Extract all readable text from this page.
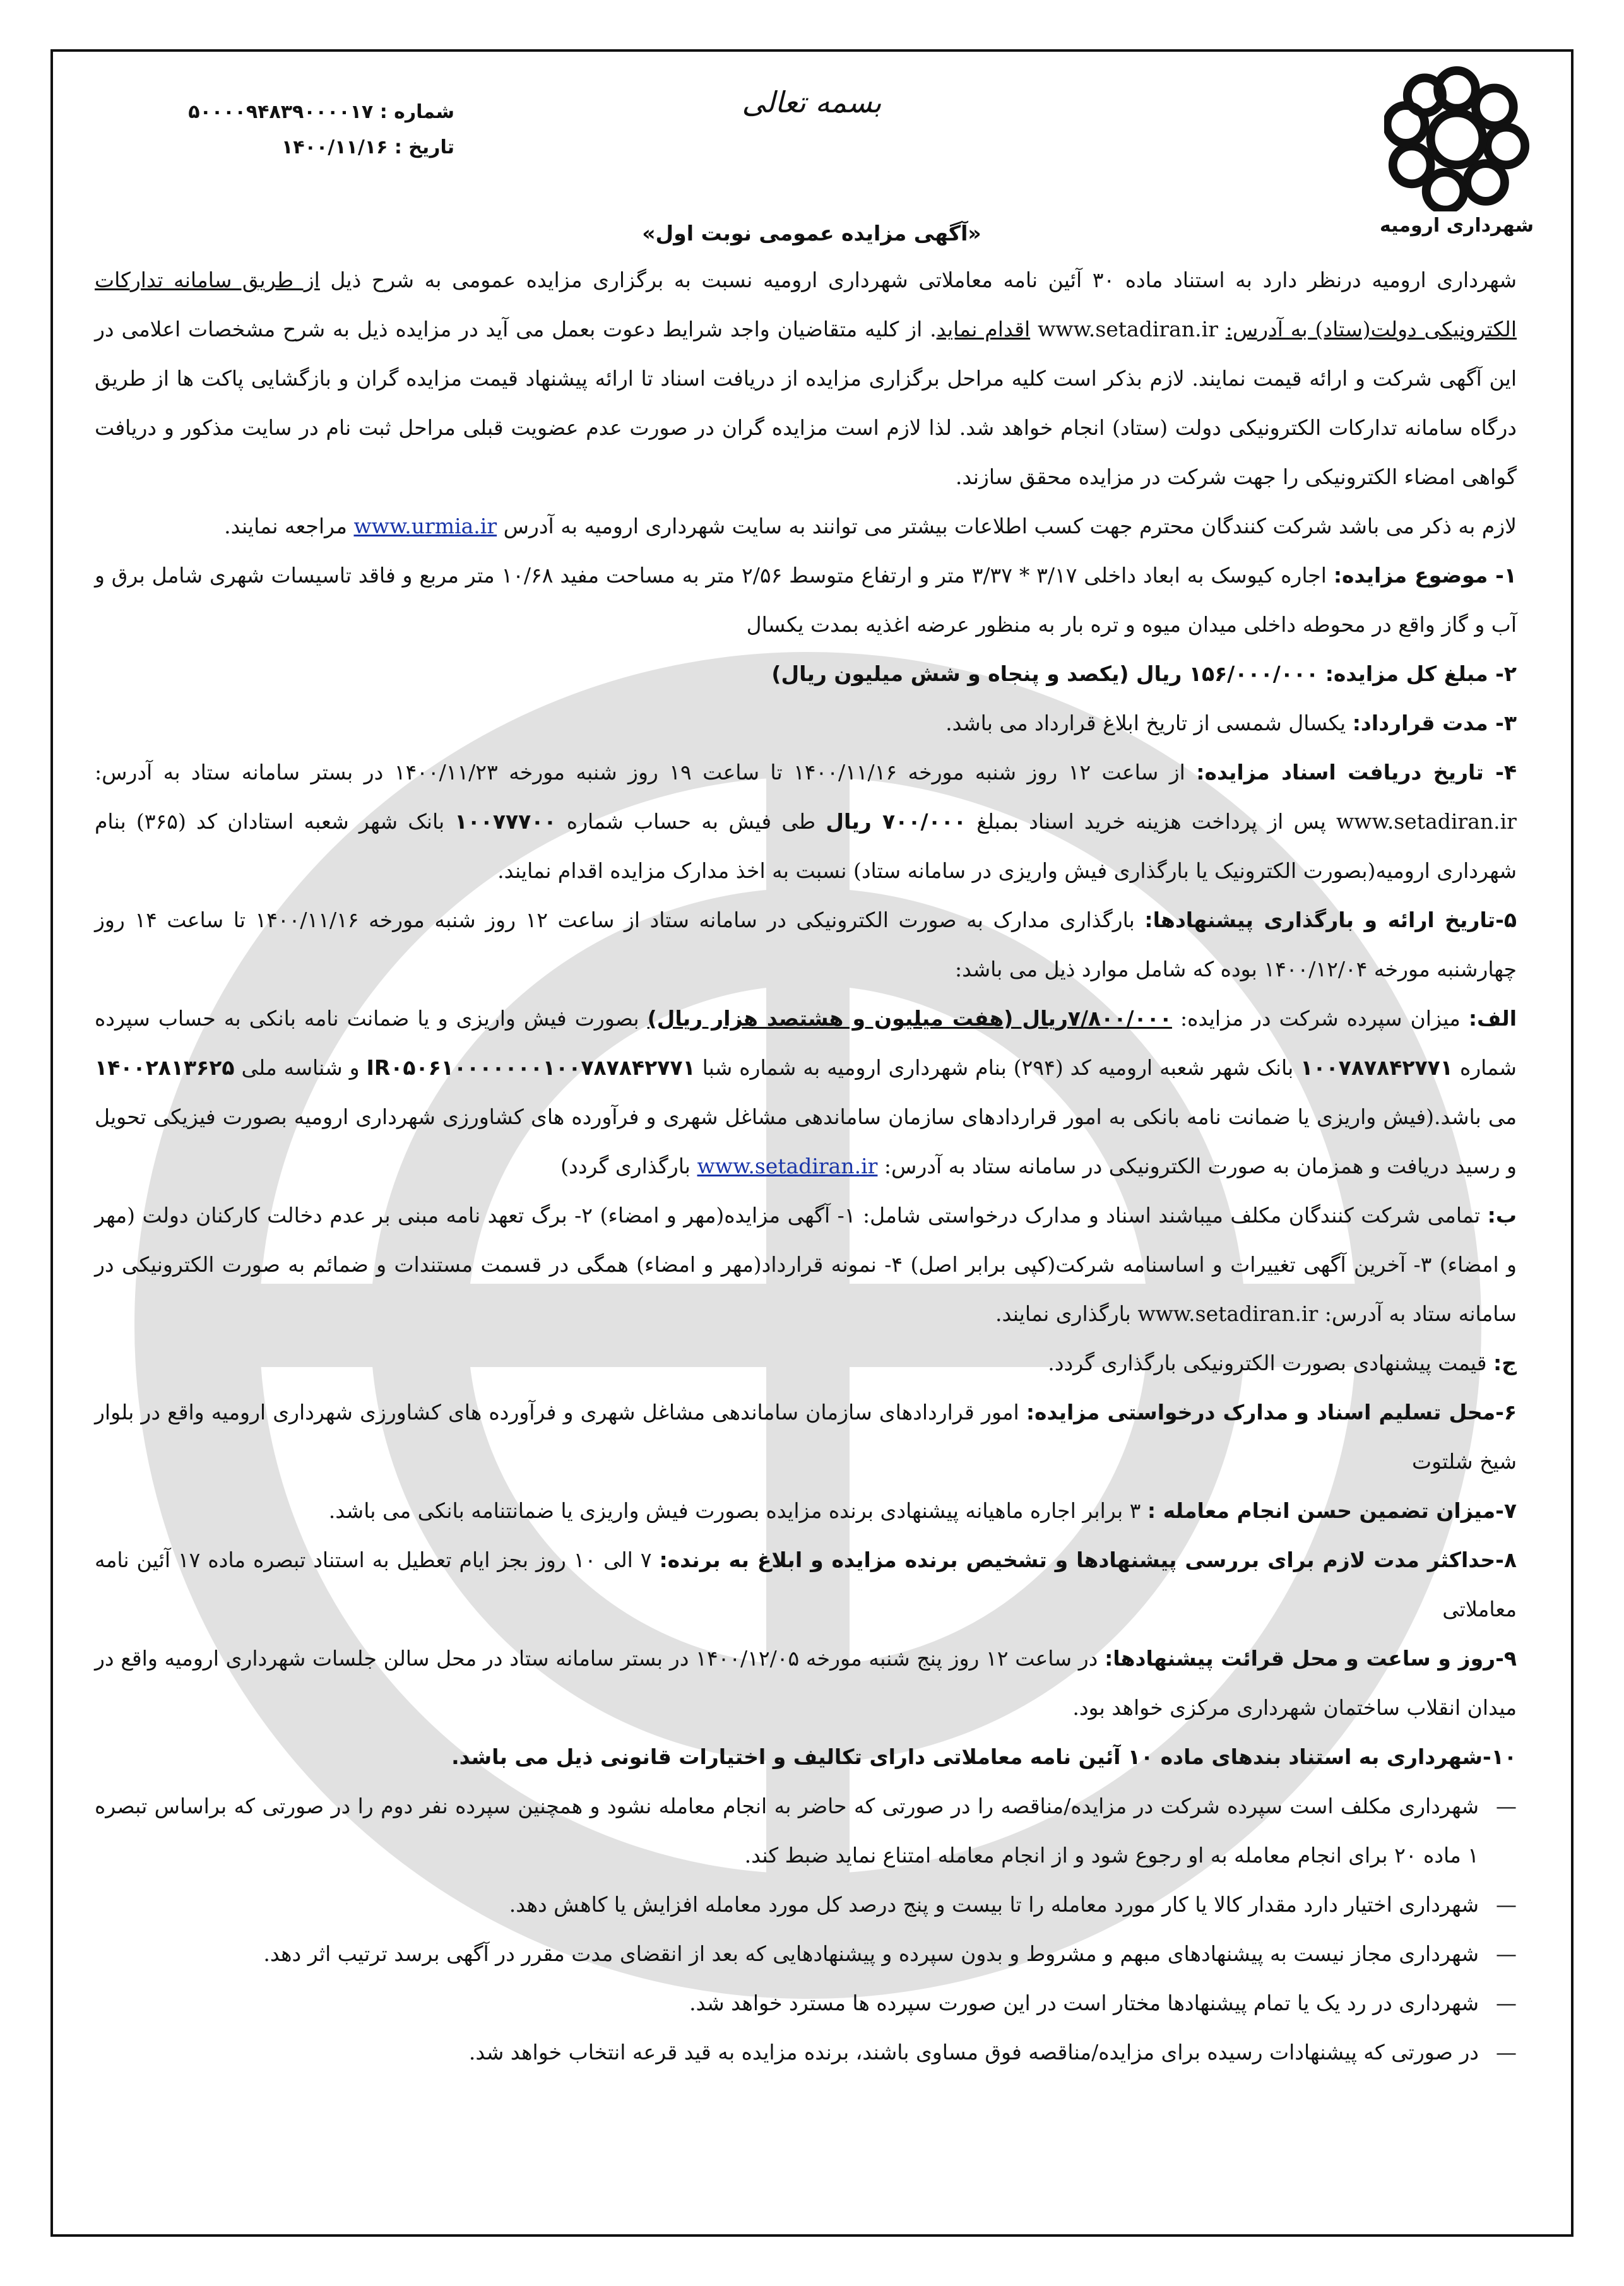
شهرداری ارومیه
بسمه تعالی
شماره : ۵۰۰۰۰۹۴۸۳۹۰۰۰۰۱۷
تاریخ : ۱۴۰۰/۱۱/۱۶
«آگهی مزایده عمومی نوبت اول»

شهرداری ارومیه درنظر دارد به استناد ماده ۳۰ آئین نامه معاملاتی شهرداری ارومیه نسبت به برگزاری مزایده عمومی به شرح ذیل از طریق سامانه تدارکات الکترونیکی دولت(ستاد) به آدرس: www.setadiran.ir اقدام نماید. از کلیه متقاضیان واجد شرایط دعوت بعمل می آید در مزایده ذیل به شرح مشخصات اعلامی در این آگهی شرکت و ارائه قیمت نمایند. لازم بذکر است کلیه مراحل برگزاری مزایده از دریافت اسناد تا ارائه پیشنهاد قیمت مزایده گران و بازگشایی پاکت ها از طریق درگاه سامانه تدارکات الکترونیکی دولت (ستاد) انجام خواهد شد. لذا لازم است مزایده گران در صورت عدم عضویت قبلی مراحل ثبت نام در سایت مذکور و دریافت گواهی امضاء الکترونیکی را جهت شرکت در مزایده محقق سازند.

لازم به ذکر می باشد شرکت کنندگان محترم جهت کسب اطلاعات بیشتر می توانند به سایت شهرداری ارومیه به آدرس www.urmia.ir مراجعه نمایند.

۱- موضوع مزایده: اجاره کیوسک به ابعاد داخلی ۳/۱۷ * ۳/۳۷ متر و ارتفاع متوسط ۲/۵۶ متر به مساحت مفید ۱۰/۶۸ متر مربع و فاقد تاسیسات شهری شامل برق و آب و گاز واقع در محوطه داخلی میدان میوه و تره بار به منظور عرضه اغذیه بمدت یکسال

۲- مبلغ کل مزایده: ۱۵۶/۰۰۰/۰۰۰ ریال (یکصد و پنجاه و شش میلیون ریال)

۳- مدت قرارداد: یکسال شمسی از تاریخ ابلاغ قرارداد می باشد.

۴- تاریخ دریافت اسناد مزایده: از ساعت ۱۲ روز شنبه مورخه ۱۴۰۰/۱۱/۱۶ تا ساعت ۱۹ روز شنبه مورخه ۱۴۰۰/۱۱/۲۳ در بستر سامانه ستاد به آدرس: www.setadiran.ir پس از پرداخت هزینه خرید اسناد بمبلغ ۷۰۰/۰۰۰ ریال طی فیش به حساب شماره ۱۰۰۷۷۷۰۰ بانک شهر شعبه استادان کد (۳۶۵) بنام شهرداری ارومیه(بصورت الکترونیک یا بارگذاری فیش واریزی در سامانه ستاد) نسبت به اخذ مدارک مزایده اقدام نمایند.

۵-تاریخ ارائه و بارگذاری پیشنهادها: بارگذاری مدارک به صورت الکترونیکی در سامانه ستاد از ساعت ۱۲ روز شنبه مورخه ۱۴۰۰/۱۱/۱۶ تا ساعت ۱۴ روز چهارشنبه مورخه ۱۴۰۰/۱۲/۰۴ بوده که شامل موارد ذیل می باشد:

الف: میزان سپرده شرکت در مزایده: ۷/۸۰۰/۰۰۰ریال (هفت میلیون و هشتصد هزار ریال) بصورت فیش واریزی و یا ضمانت نامه بانکی به حساب سپرده شماره ۱۰۰۷۸۷۸۴۲۷۷۱ بانک شهر شعبه ارومیه کد (۲۹۴) بنام شهرداری ارومیه به شماره شبا IR۰۵۰۶۱۰۰۰۰۰۰۰۱۰۰۷۸۷۸۴۲۷۷۱ و شناسه ملی ۱۴۰۰۲۸۱۳۶۲۵ می باشد.(فیش واریزی یا ضمانت نامه بانکی به امور قراردادهای سازمان ساماندهی مشاغل شهری و فرآورده های کشاورزی شهرداری ارومیه بصورت فیزیکی تحویل و رسید دریافت و همزمان به صورت الکترونیکی در سامانه ستاد به آدرس: www.setadiran.ir بارگذاری گردد)

ب: تمامی شرکت کنندگان مکلف میباشند اسناد و مدارک درخواستی شامل: ۱- آگهی مزایده(مهر و امضاء) ۲- برگ تعهد نامه مبنی بر عدم دخالت کارکنان دولت (مهر و امضاء) ۳- آخرین آگهی تغییرات و اساسنامه شرکت(کپی برابر اصل) ۴- نمونه قرارداد(مهر و امضاء) همگی در قسمت مستندات و ضمائم به صورت الکترونیکی در سامانه ستاد به آدرس: www.setadiran.ir بارگذاری نمایند.

ج: قیمت پیشنهادی بصورت الکترونیکی بارگذاری گردد.

۶-محل تسلیم اسناد و مدارک درخواستی مزایده: امور قراردادهای سازمان ساماندهی مشاغل شهری و فرآورده های کشاورزی شهرداری ارومیه واقع در بلوار شیخ شلتوت

۷-میزان تضمین حسن انجام معامله : ۳ برابر اجاره ماهیانه پیشنهادی برنده مزایده بصورت فیش واریزی یا ضمانتنامه بانکی می باشد.

۸-حداکثر مدت لازم برای بررسی پیشنهادها و تشخیص برنده مزایده و ابلاغ به برنده: ۷ الی ۱۰ روز بجز ایام تعطیل به استناد تبصره ماده ۱۷ آئین نامه معاملاتی

۹-روز و ساعت و محل قرائت پیشنهادها: در ساعت ۱۲ روز پنج شنبه مورخه ۱۴۰۰/۱۲/۰۵ در بستر سامانه ستاد در محل سالن جلسات شهرداری ارومیه واقع در میدان انقلاب ساختمان شهرداری مرکزی خواهد بود.

۱۰-شهرداری به استناد بندهای ماده ۱۰ آئین نامه معاملاتی دارای تکالیف و اختیارات قانونی ذیل می باشد.

— شهرداری مکلف است سپرده شرکت در مزایده/مناقصه را در صورتی که حاضر به انجام معامله نشود و همچنین سپرده نفر دوم را در صورتی که براساس تبصره ۱ ماده ۲۰ برای انجام معامله به او رجوع شود و از انجام معامله امتناع نماید ضبط کند.
— شهرداری اختیار دارد مقدار کالا یا کار مورد معامله را تا بیست و پنج درصد کل مورد معامله افزایش یا کاهش دهد.
— شهرداری مجاز نیست به پیشنهادهای مبهم و مشروط و بدون سپرده و پیشنهادهایی که بعد از انقضای مدت مقرر در آگهی برسد ترتیب اثر دهد.
— شهرداری در رد یک یا تمام پیشنهادها مختار است در این صورت سپرده ها مسترد خواهد شد.
— در صورتی که پیشنهادات رسیده برای مزایده/مناقصه فوق مساوی باشند، برنده مزایده به قید قرعه انتخاب خواهد شد.
